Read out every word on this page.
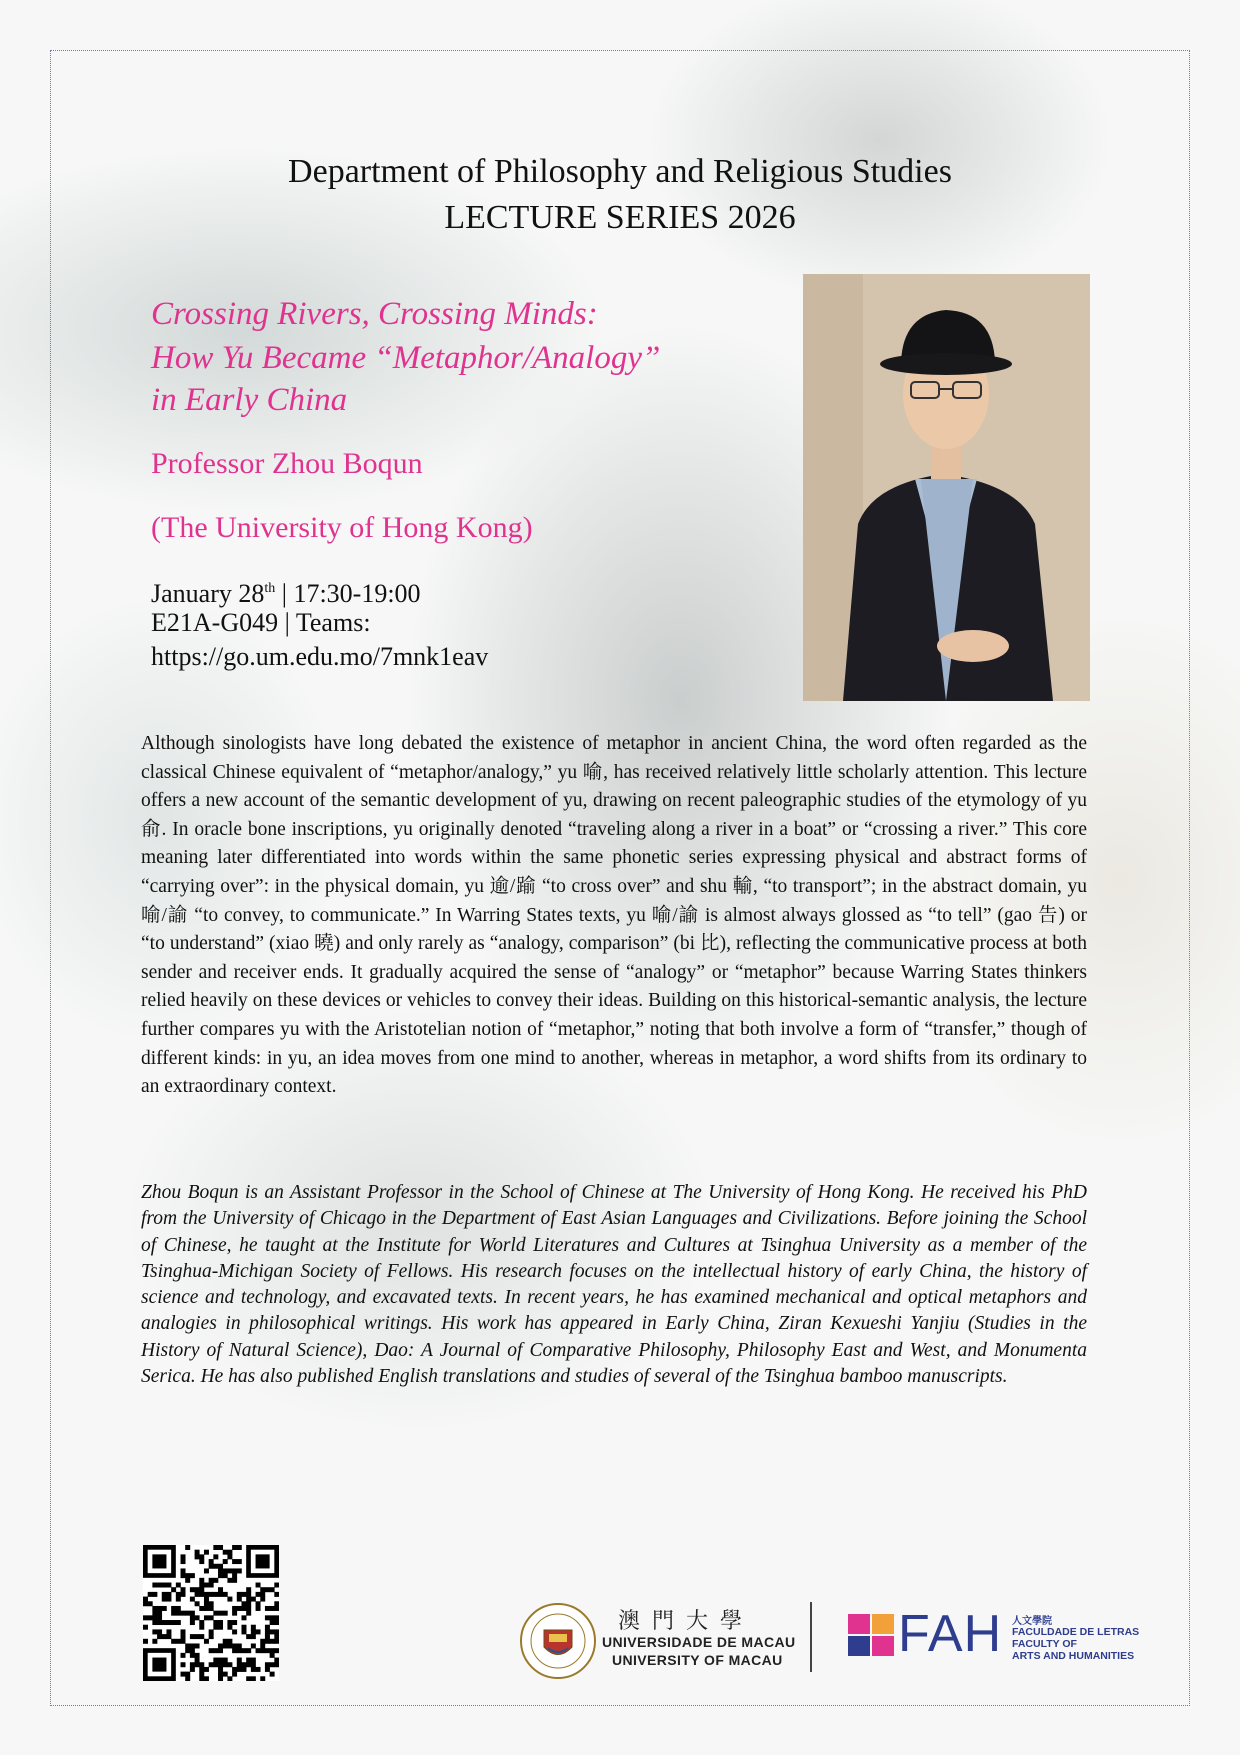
Department of Philosophy and Religious Studies
LECTURE SERIES 2026
Crossing Rivers, Crossing Minds:
How Yu Became “Metaphor/Analogy”
in Early China
Professor Zhou Boqun
(The University of Hong Kong)
January 28th | 17:30-19:00
E21A-G049 | Teams:
https://go.um.edu.mo/7mnk1eav
Although sinologists have long debated the existence of metaphor in ancient China, the word often regarded as the classical Chinese equivalent of “metaphor/analogy,” yu 喻, has received relatively little scholarly attention. This lecture offers a new account of the semantic development of yu, drawing on recent paleographic studies of the etymology of yu 俞. In oracle bone inscriptions, yu originally denoted “traveling along a river in a boat” or “crossing a river.” This core meaning later differentiated into words within the same phonetic series expressing physical and abstract forms of “carrying over”: in the physical domain, yu 逾/踰 “to cross over” and shu 輸, “to transport”; in the abstract domain, yu 喻/諭 “to convey, to communicate.” In Warring States texts, yu 喻/諭 is almost always glossed as “to tell” (gao 告) or “to understand” (xiao 曉) and only rarely as “analogy, comparison” (bi 比), reflecting the communicative process at both sender and receiver ends. It gradually acquired the sense of “analogy” or “metaphor” because Warring States thinkers relied heavily on these devices or vehicles to convey their ideas. Building on this historical-semantic analysis, the lecture further compares yu with the Aristotelian notion of “metaphor,” noting that both involve a form of “transfer,” though of different kinds: in yu, an idea moves from one mind to another, whereas in metaphor, a word shifts from its ordinary to an extraordinary context.
Zhou Boqun is an Assistant Professor in the School of Chinese at The University of Hong Kong. He received his PhD from the University of Chicago in the Department of East Asian Languages and Civilizations. Before joining the School of Chinese, he taught at the Institute for World Literatures and Cultures at Tsinghua University as a member of the Tsinghua-Michigan Society of Fellows. His research focuses on the intellectual history of early China, the history of science and technology, and excavated texts. In recent years, he has examined mechanical and optical metaphors and analogies in philosophical writings. His work has appeared in Early China, Ziran Kexueshi Yanjiu (Studies in the History of Natural Science), Dao: A Journal of Comparative Philosophy, Philosophy East and West, and Monumenta Serica. He has also published English translations and studies of several of the Tsinghua bamboo manuscripts.
澳門大學
UNIVERSIDADE DE MACAU
UNIVERSITY OF MACAU FAH 人文學院
FACULDADE DE LETRAS
FACULTY OF
ARTS AND HUMANITIES
